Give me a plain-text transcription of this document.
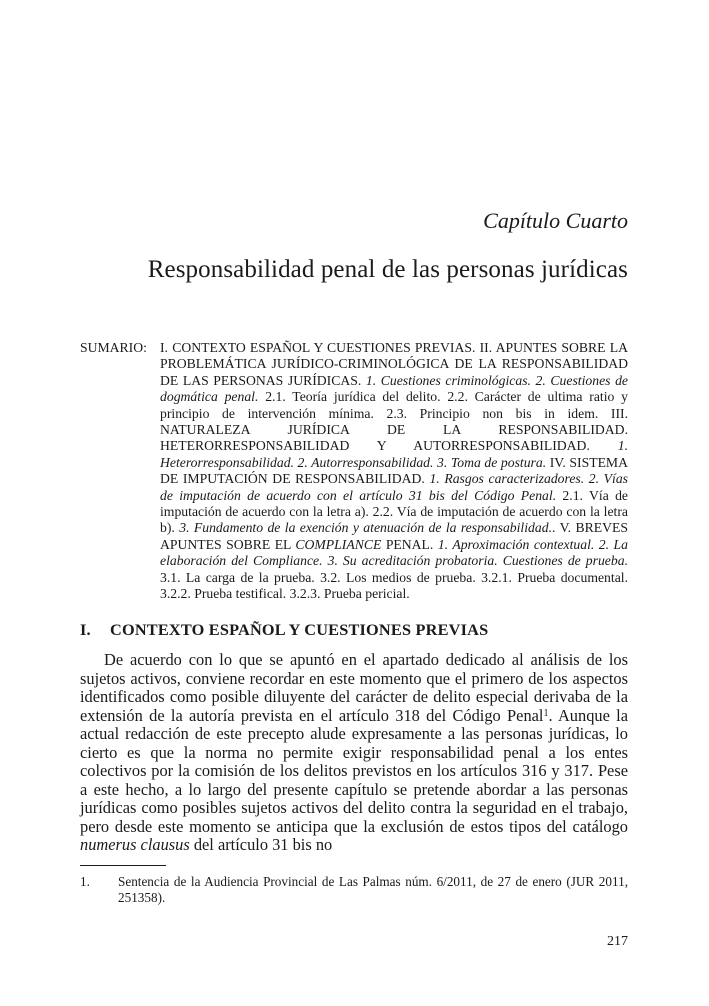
Capítulo Cuarto
Responsabilidad penal de las personas jurídicas
SUMARIO: I. CONTEXTO ESPAÑOL Y CUESTIONES PREVIAS. II. APUNTES SOBRE LA PROBLEMÁTICA JURÍDICO-CRIMINOLÓGICA DE LA RESPONSABILIDAD DE LAS PERSONAS JURÍDICAS. 1. Cuestiones criminológicas. 2. Cuestiones de dogmática penal. 2.1. Teoría jurídica del delito. 2.2. Carácter de ultima ratio y principio de intervención mínima. 2.3. Principio non bis in idem. III. NATURALEZA JURÍDICA DE LA RESPONSABILIDAD. HETERORRESPONSABILIDAD Y AUTORRESPONSABILIDAD. 1. Heterorresponsabilidad. 2. Autorresponsabilidad. 3. Toma de postura. IV. SISTEMA DE IMPUTACIÓN DE RESPONSABILIDAD. 1. Rasgos caracterizadores. 2. Vías de imputación de acuerdo con el artículo 31 bis del Código Penal. 2.1. Vía de imputación de acuerdo con la letra a). 2.2. Vía de imputación de acuerdo con la letra b). 3. Fundamento de la exención y atenuación de la responsabilidad.. V. BREVES APUNTES SOBRE EL COMPLIANCE PENAL. 1. Aproximación contextual. 2. La elaboración del Compliance. 3. Su acreditación probatoria. Cuestiones de prueba. 3.1. La carga de la prueba. 3.2. Los medios de prueba. 3.2.1. Prueba documental. 3.2.2. Prueba testifical. 3.2.3. Prueba pericial.
I. CONTEXTO ESPAÑOL Y CUESTIONES PREVIAS

De acuerdo con lo que se apuntó en el apartado dedicado al análisis de los sujetos activos, conviene recordar en este momento que el primero de los aspectos identificados como posible diluyente del carácter de delito especial derivaba de la extensión de la autoría prevista en el artículo 318 del Código Penal$^1$. Aunque la actual redacción de este precepto alude expresamente a las personas jurídicas, lo cierto es que la norma no permite exigir responsabilidad penal a los entes colectivos por la comisión de los delitos previstos en los artículos 316 y 317. Pese a este hecho, a lo largo del presente capítulo se pretende abordar a las personas jurídicas como posibles sujetos activos del delito contra la seguridad en el trabajo, pero desde este momento se anticipa que la exclusión de estos tipos del catálogo numerus clausus del artículo 31 bis no

1. Sentencia de la Audiencia Provincial de Las Palmas núm. 6/2011, de 27 de enero (JUR 2011, 251358).
217
